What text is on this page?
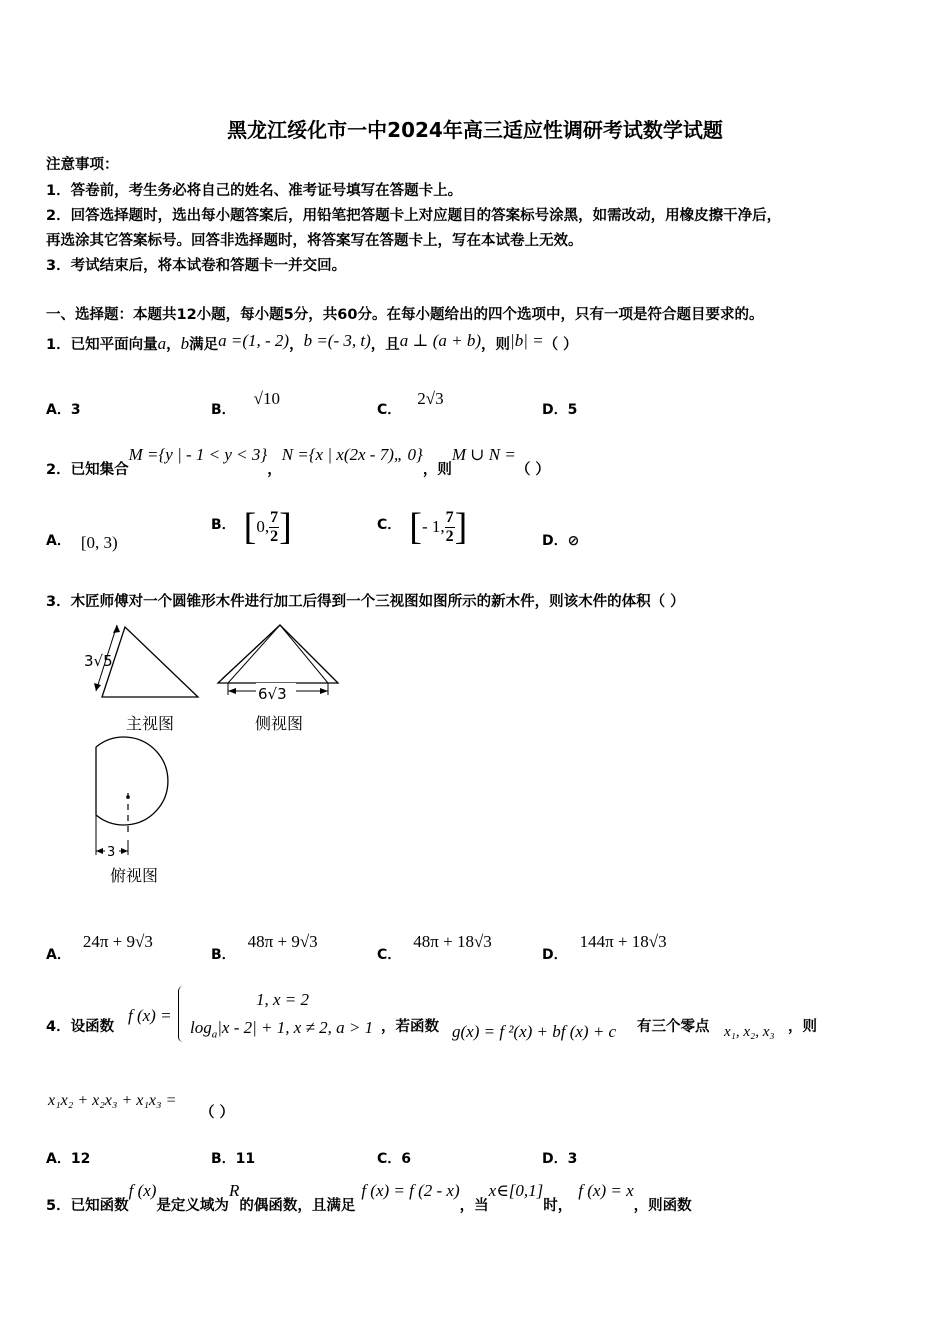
黑龙江绥化市一中2024年高三适应性调研考试数学试题
注意事项：
1．答卷前，考生务必将自己的姓名、准考证号填写在答题卡上。
2．回答选择题时，选出每小题答案后，用铅笔把答题卡上对应题目的答案标号涂黑，如需改动，用橡皮擦干净后，
再选涂其它答案标号。回答非选择题时，将答案写在答题卡上，写在本试卷上无效。
3．考试结束后，将本试卷和答题卡一并交回。
一、选择题：本题共12小题，每小题5分，共60分。在每小题给出的四个选项中，只有一项是符合题目要求的。
1．已知平面向量a，b满足a =(1, - 2)，b =(- 3, t)，且a ⊥ (a + b)，则|b| =（ ）
A．3	B．√10
C．2√3
D．5
2．已知集合M ={y | - 1 < y < 3}，N ={x | x(2x - 7)„ 0}，则M ∪ N =（ ）
A． [0, 3)
B． [0, $\frac{7}{2}$ ]	C． [- 1, $\frac{7}{2}$ ]	D．⊘
3．木匠师傅对一个圆锥形木件进行加工后得到一个三视图如图所示的新木件，则该木件的体积（ ）
3√5
主视图
6√3
侧视图
3
俯视图
A．24π + 9√3
B．48π + 9√3
C．48π + 18√3
D．144π + 18√3
4．设函数
f (x) =
1, x = 2
$\log_a|x - 2| + 1$, x ≠ 2, a > 1 ，若函数 g(x) = f ²(x) + bf (x) + c 有三个零点 x₁, x₂, x₃ ，则
x₁x₂ + x₂x₃ + x₁x₃ =
（ ）
A．12	B．11	C．6	D．3
5．已知函数f (x)是定义域为R的偶函数，且满足f (x) = f (2 - x)，当x∈[0,1]时，f (x) = x，则函数
